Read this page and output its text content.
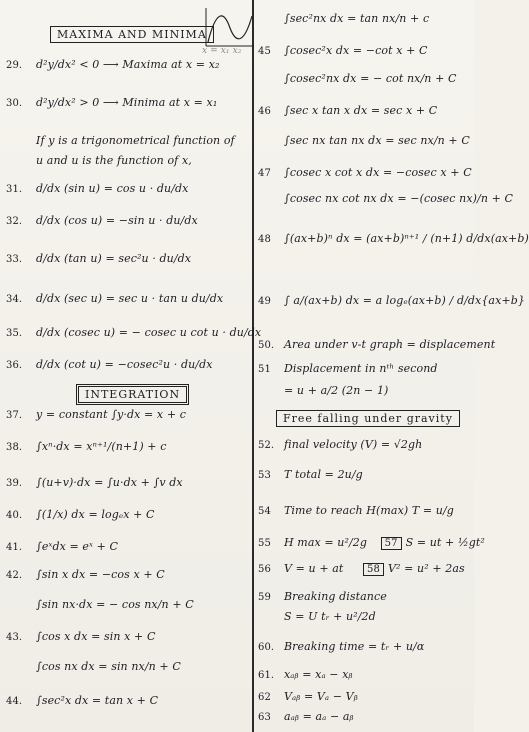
MAXIMA AND MINIMA
x = x₁ x₂
29. d²y/dx² < 0 ⟶ Maxima at x = x₂
30. d²y/dx² > 0 ⟶ Minima at x = x₁
If y is a trigonometrical function of
u and u is the function of x,
31. d/dx (sin u) = cos u · du/dx
32. d/dx (cos u) = −sin u · du/dx
33. d/dx (tan u) = sec²u · du/dx
34. d/dx (sec u) = sec u · tan u du/dx
35. d/dx (cosec u) = − cosec u cot u · du/dx
36. d/dx (cot u) = −cosec²u · du/dx
INTEGRATION
37. y = constant ∫y·dx = x + c
38. ∫xⁿ·dx = xⁿ⁺¹/(n+1) + c
39. ∫(u+v)·dx = ∫u·dx + ∫v dx
40. ∫(1/x) dx = logₑx + C
41. ∫eˣdx = eˣ + C
42. ∫sin x dx = −cos x + C
∫sin nx·dx = − cos nx/n + C
43. ∫cos x dx = sin x + C
∫cos nx dx = sin nx/n + C
44. ∫sec²x dx = tan x + C
∫sec²nx dx = tan nx/n + c
45 ∫cosec²x dx = −cot x + C
∫cosec²nx dx = − cot nx/n + C
46 ∫sec x tan x dx = sec x + C
∫sec nx tan nx dx = sec nx/n + C
47 ∫cosec x cot x dx = −cosec x + C
∫cosec nx cot nx dx = −(cosec nx)/n + C
48 ∫(ax+b)ⁿ dx = (ax+b)ⁿ⁺¹ / (n+1) d/dx(ax+b)
49 ∫ a/(ax+b) dx = a logₑ(ax+b) / d/dx{ax+b}
50. Area under v-t graph = displacement
51 Displacement in nᵗʰ second
= u + a/2 (2n − 1)
Free falling under gravity
52. final velocity (V) = √2gh
53 T total = 2u/g
54 Time to reach H(max) T = u/g
55 H max = u²/2g 57 S = ut + ½gt²
56 V = u + at 58 V² = u² + 2as
59 Breaking distance
S = U tᵣ + u²/2d
60. Breaking time = tᵣ + u/α
61. xₐᵦ = xₐ − xᵦ
62 Vₐᵦ = Vₐ − Vᵦ
63 aₐᵦ = aₐ − aᵦ
